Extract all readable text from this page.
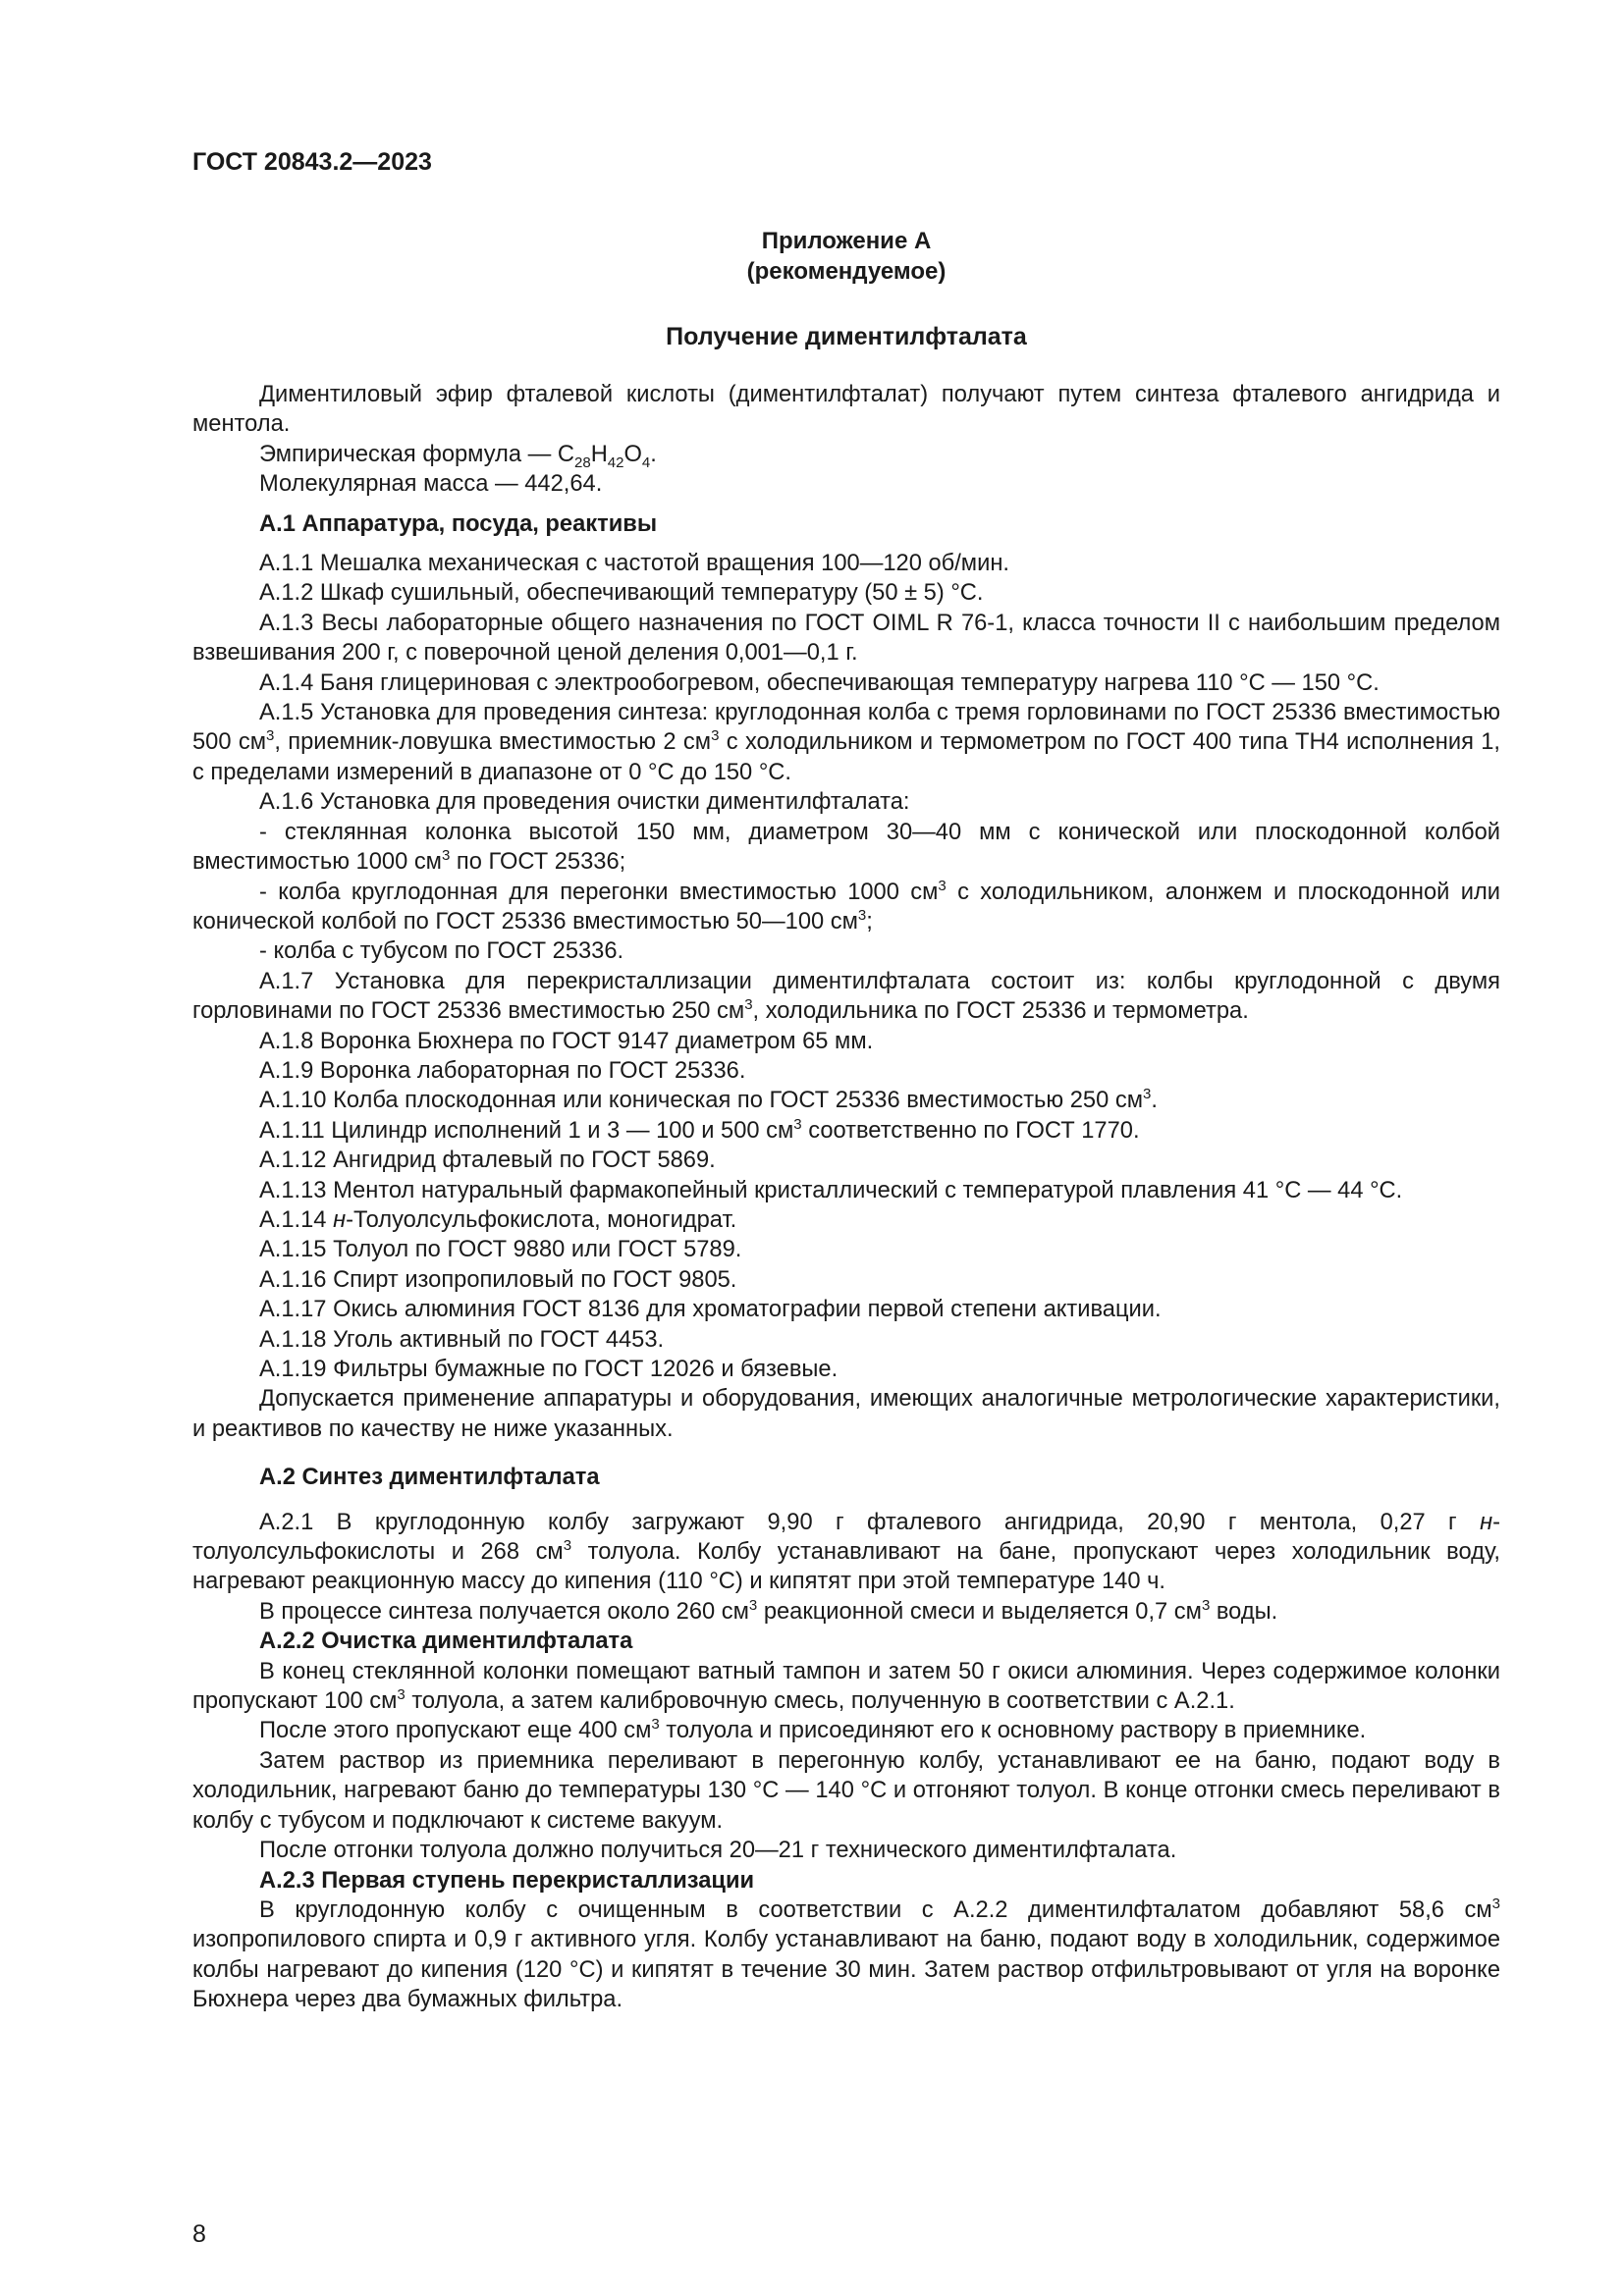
ГОСТ 20843.2—2023
Приложение А
(рекомендуемое)
Получение диментилфталата

Диментиловый эфир фталевой кислоты (диментилфталат) получают путем синтеза фталевого ангидрида и ментола.

Эмпирическая формула — $C_{28}H_{42}O_4$.

Молекулярная масса — 442,64.

А.1 Аппаратура, посуда, реактивы

А.1.1 Мешалка механическая с частотой вращения 100—120 об/мин.

А.1.2 Шкаф сушильный, обеспечивающий температуру (50 ± 5) °С.

А.1.3 Весы лабораторные общего назначения по ГОСТ OIML R 76-1, класса точности II с наибольшим пределом взвешивания 200 г, с поверочной ценой деления 0,001—0,1 г.

А.1.4 Баня глицериновая с электрообогревом, обеспечивающая температуру нагрева 110 °С — 150 °С.

А.1.5 Установка для проведения синтеза: круглодонная колба с тремя горловинами по ГОСТ 25336 вместимостью 500 $см^3$, приемник-ловушка вместимостью 2 $см^3$ с холодильником и термометром по ГОСТ 400 типа ТН4 исполнения 1, с пределами измерений в диапазоне от 0 °С до 150 °С.

А.1.6 Установка для проведения очистки диментилфталата:

- стеклянная колонка высотой 150 мм, диаметром 30—40 мм с конической или плоскодонной колбой вместимостью 1000 $см^3$ по ГОСТ 25336;

- колба круглодонная для перегонки вместимостью 1000 $см^3$ с холодильником, алонжем и плоскодонной или конической колбой по ГОСТ 25336 вместимостью 50—100 $см^3$;

- колба с тубусом по ГОСТ 25336.

А.1.7 Установка для перекристаллизации диментилфталата состоит из: колбы круглодонной с двумя горловинами по ГОСТ 25336 вместимостью 250 $см^3$, холодильника по ГОСТ 25336 и термометра.

А.1.8 Воронка Бюхнера по ГОСТ 9147 диаметром 65 мм.

А.1.9 Воронка лабораторная по ГОСТ 25336.

А.1.10 Колба плоскодонная или коническая по ГОСТ 25336 вместимостью 250 $см^3$.

А.1.11 Цилиндр исполнений 1 и 3 — 100 и 500 $см^3$ соответственно по ГОСТ 1770.

А.1.12 Ангидрид фталевый по ГОСТ 5869.

А.1.13 Ментол натуральный фармакопейный кристаллический с температурой плавления 41 °С — 44 °С.

А.1.14 н-Толуолсульфокислота, моногидрат.

А.1.15 Толуол по ГОСТ 9880 или ГОСТ 5789.

А.1.16 Спирт изопропиловый по ГОСТ 9805.

А.1.17 Окись алюминия ГОСТ 8136 для хроматографии первой степени активации.

А.1.18 Уголь активный по ГОСТ 4453.

А.1.19 Фильтры бумажные по ГОСТ 12026 и бязевые.

Допускается применение аппаратуры и оборудования, имеющих аналогичные метрологические характеристики, и реактивов по качеству не ниже указанных.

А.2 Синтез диментилфталата

А.2.1 В круглодонную колбу загружают 9,90 г фталевого ангидрида, 20,90 г ментола, 0,27 г н-толуолсульфокислоты и 268 $см^3$ толуола. Колбу устанавливают на бане, пропускают через холодильник воду, нагревают реакционную массу до кипения (110 °С) и кипятят при этой температуре 140 ч.

В процессе синтеза получается около 260 $см^3$ реакционной смеси и выделяется 0,7 $см^3$ воды.

А.2.2 Очистка диментилфталата

В конец стеклянной колонки помещают ватный тампон и затем 50 г окиси алюминия. Через содержимое колонки пропускают 100 $см^3$ толуола, а затем калибровочную смесь, полученную в соответствии с А.2.1.

После этого пропускают еще 400 $см^3$ толуола и присоединяют его к основному раствору в приемнике.

Затем раствор из приемника переливают в перегонную колбу, устанавливают ее на баню, подают воду в холодильник, нагревают баню до температуры 130 °С — 140 °С и отгоняют толуол. В конце отгонки смесь переливают в колбу с тубусом и подключают к системе вакуум.

После отгонки толуола должно получиться 20—21 г технического диментилфталата.

А.2.3 Первая ступень перекристаллизации

В круглодонную колбу с очищенным в соответствии с А.2.2 диментилфталатом добавляют 58,6 $см^3$ изопропилового спирта и 0,9 г активного угля. Колбу устанавливают на баню, подают воду в холодильник, содержимое колбы нагревают до кипения (120 °С) и кипятят в течение 30 мин. Затем раствор отфильтровывают от угля на воронке Бюхнера через два бумажных фильтра.

8
